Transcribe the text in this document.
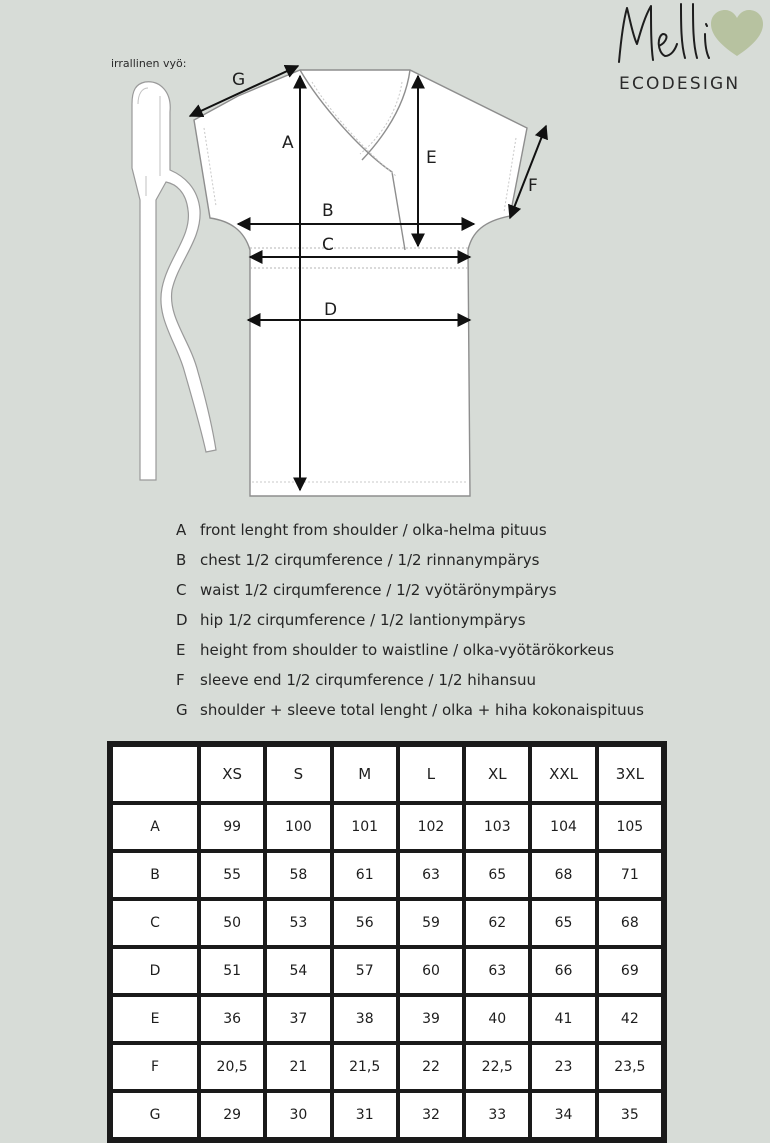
ECODESIGN
irrallinen vyö:
G
A
E
F
B
C
D
A front lenght from shoulder / olka-helma pituus
B chest 1/2 cirqumference / 1/2 rinnanympärys
C waist 1/2 cirqumference / 1/2 vyötärönympärys
D hip 1/2 cirqumference / 1/2 lantionympärys
E height from shoulder to waistline / olka-vyötärökorkeus
F	sleeve end 1/2 cirqumference / 1/2 hihansuu
G shoulder + sleeve total lenght / olka + hiha kokonaispituus
	XS	S	M	L	XL	XXL	3XL
A	99	100	101	102	103	104	105
B	55	58	61	63	65	68	71
C	50	53	56	59	62	65	68
D	51	54	57	60	63	66	69
E	36	37	38	39	40	41	42
F	20,5	21	21,5	22	22,5	23	23,5
G	29	30	31	32	33	34	35
